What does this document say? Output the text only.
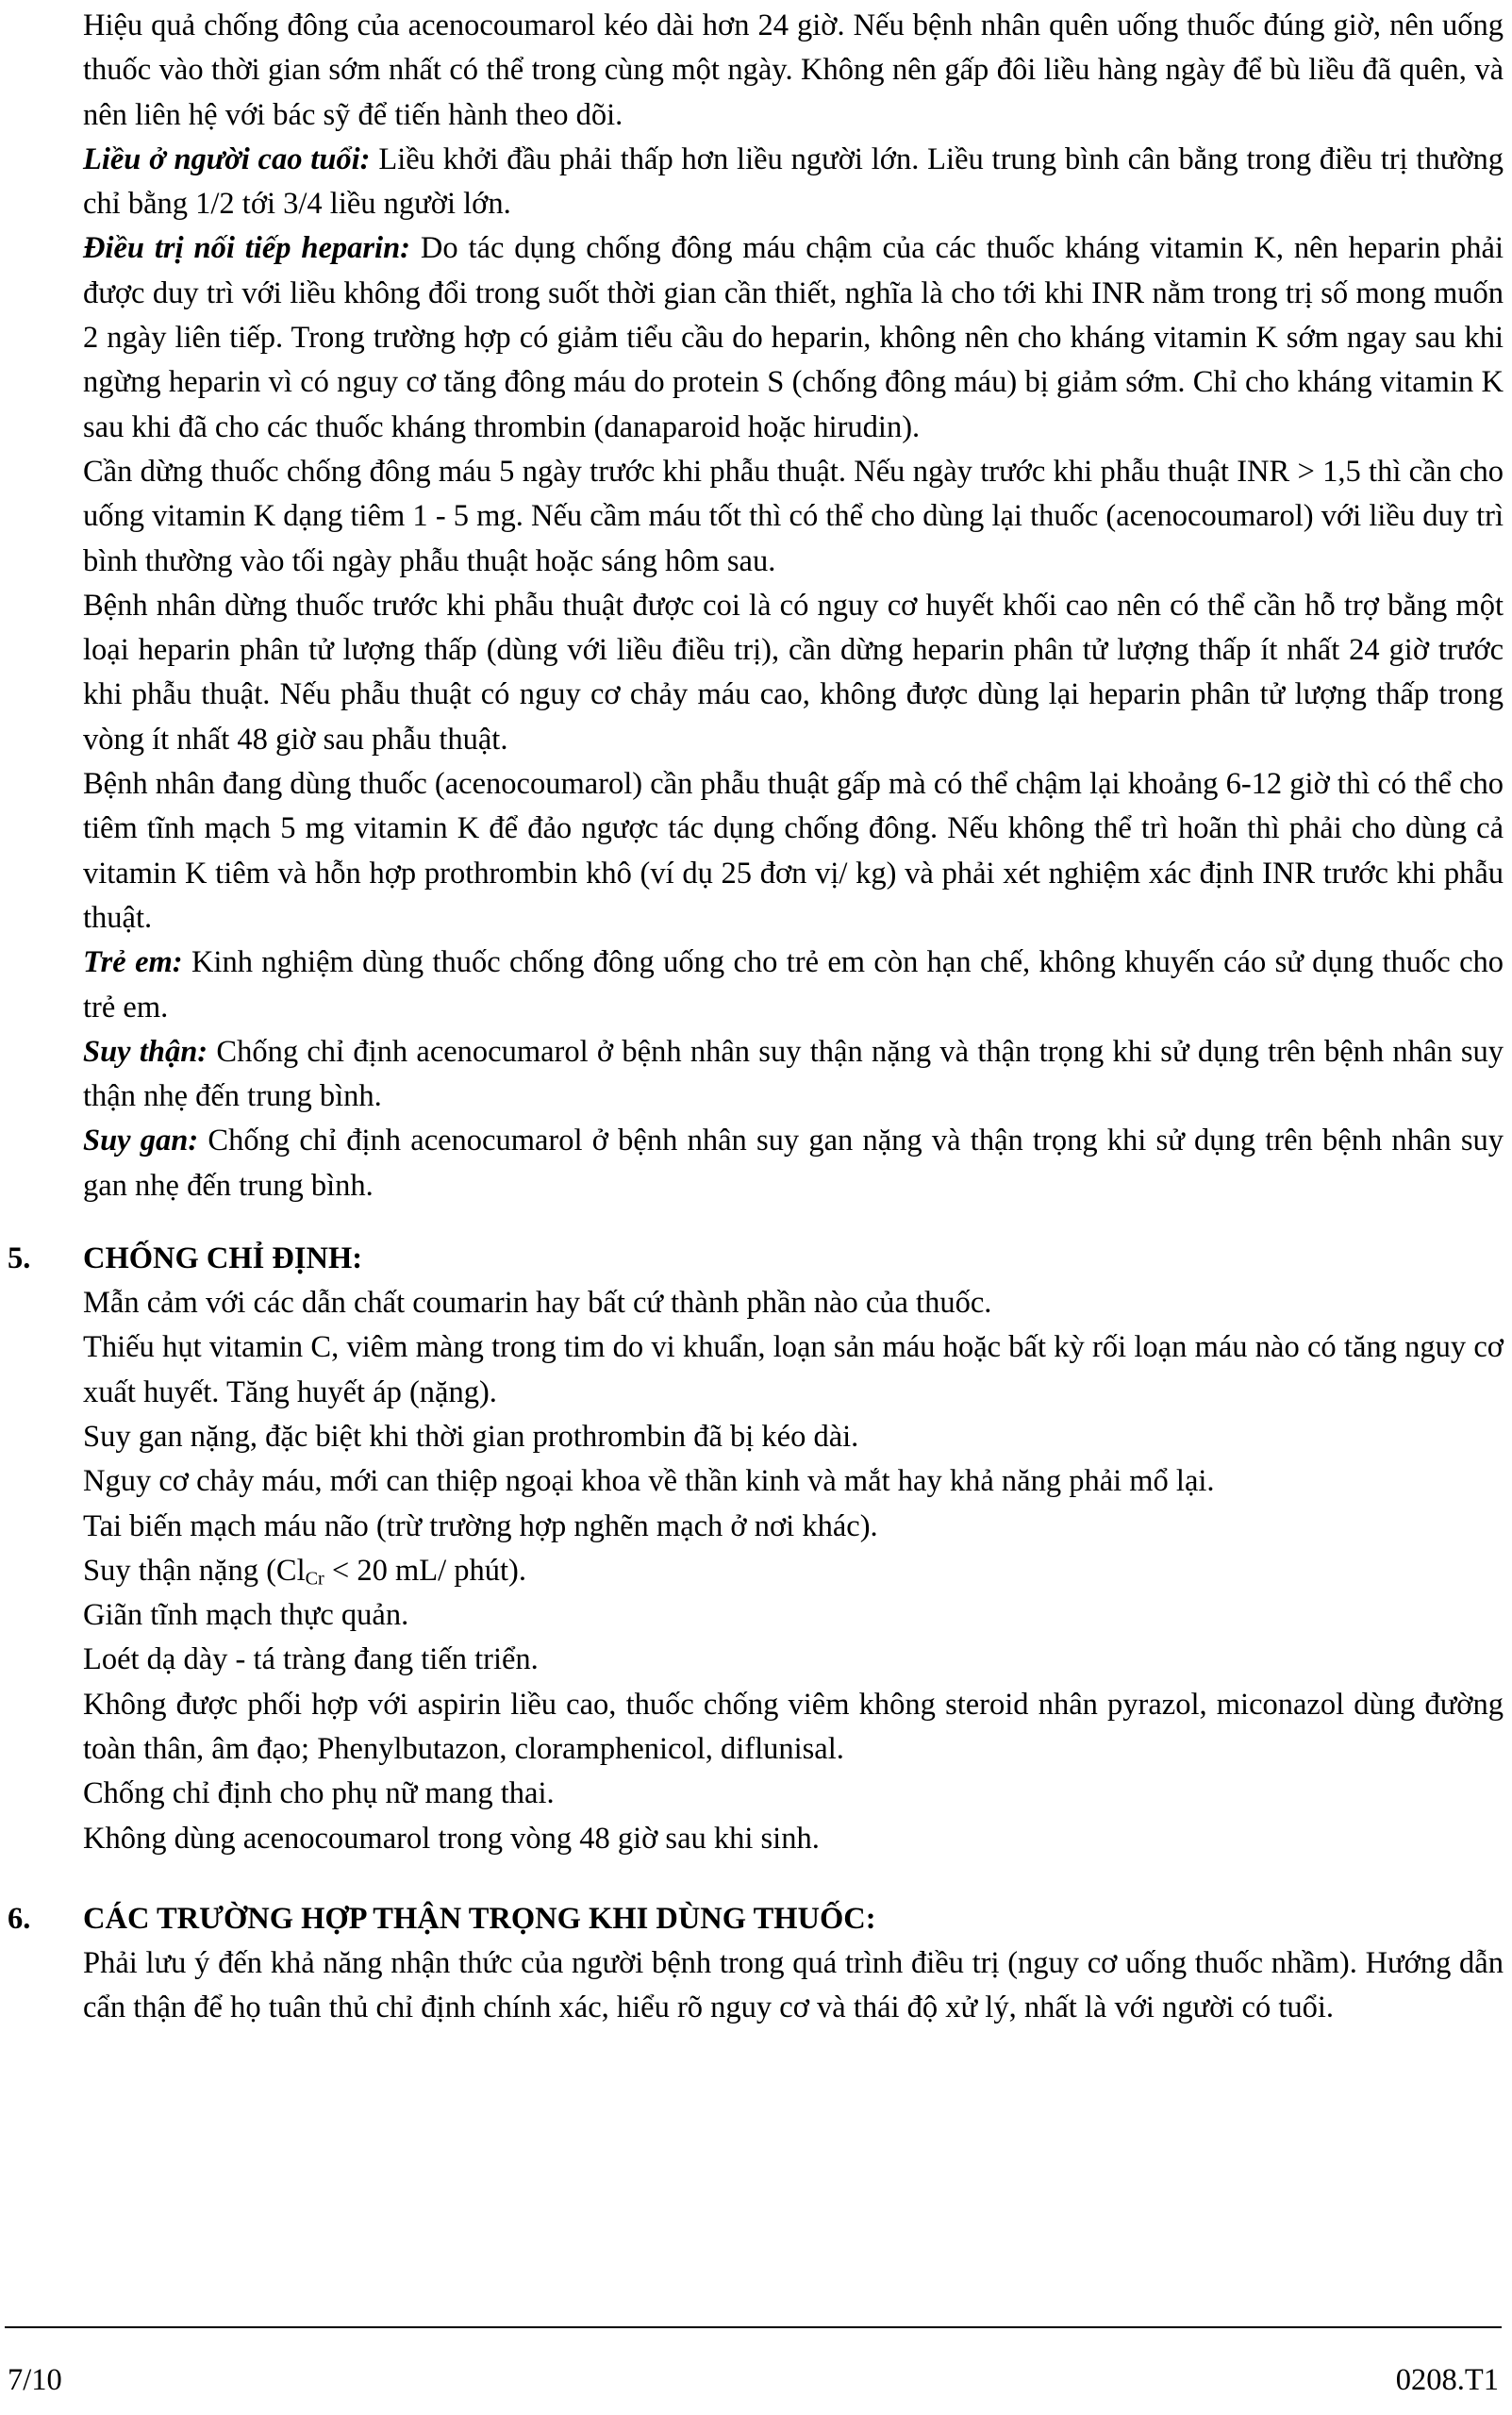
Hiệu quả chống đông của acenocoumarol kéo dài hơn 24 giờ. Nếu bệnh nhân quên uống thuốc đúng giờ, nên uống thuốc vào thời gian sớm nhất có thể trong cùng một ngày. Không nên gấp đôi liều hàng ngày để bù liều đã quên, và nên liên hệ với bác sỹ để tiến hành theo dõi.

Liều ở người cao tuổi: Liều khởi đầu phải thấp hơn liều người lớn. Liều trung bình cân bằng trong điều trị thường chỉ bằng 1/2 tới 3/4 liều người lớn.

Điều trị nối tiếp heparin: Do tác dụng chống đông máu chậm của các thuốc kháng vitamin K, nên heparin phải được duy trì với liều không đổi trong suốt thời gian cần thiết, nghĩa là cho tới khi INR nằm trong trị số mong muốn 2 ngày liên tiếp. Trong trường hợp có giảm tiểu cầu do heparin, không nên cho kháng vitamin K sớm ngay sau khi ngừng heparin vì có nguy cơ tăng đông máu do protein S (chống đông máu) bị giảm sớm. Chỉ cho kháng vitamin K sau khi đã cho các thuốc kháng thrombin (danaparoid hoặc hirudin).

Cần dừng thuốc chống đông máu 5 ngày trước khi phẫu thuật. Nếu ngày trước khi phẫu thuật INR > 1,5 thì cần cho uống vitamin K dạng tiêm 1 - 5 mg. Nếu cầm máu tốt thì có thể cho dùng lại thuốc (acenocoumarol) với liều duy trì bình thường vào tối ngày phẫu thuật hoặc sáng hôm sau.

Bệnh nhân dừng thuốc trước khi phẫu thuật được coi là có nguy cơ huyết khối cao nên có thể cần hỗ trợ bằng một loại heparin phân tử lượng thấp (dùng với liều điều trị), cần dừng heparin phân tử lượng thấp ít nhất 24 giờ trước khi phẫu thuật. Nếu phẫu thuật có nguy cơ chảy máu cao, không được dùng lại heparin phân tử lượng thấp trong vòng ít nhất 48 giờ sau phẫu thuật.

Bệnh nhân đang dùng thuốc (acenocoumarol) cần phẫu thuật gấp mà có thể chậm lại khoảng 6-12 giờ thì có thể cho tiêm tĩnh mạch 5 mg vitamin K để đảo ngược tác dụng chống đông. Nếu không thể trì hoãn thì phải cho dùng cả vitamin K tiêm và hỗn hợp prothrombin khô (ví dụ 25 đơn vị/ kg) và phải xét nghiệm xác định INR trước khi phẫu thuật.

Trẻ em: Kinh nghiệm dùng thuốc chống đông uống cho trẻ em còn hạn chế, không khuyến cáo sử dụng thuốc cho trẻ em.

Suy thận: Chống chỉ định acenocumarol ở bệnh nhân suy thận nặng và thận trọng khi sử dụng trên bệnh nhân suy thận nhẹ đến trung bình.

Suy gan: Chống chỉ định acenocumarol ở bệnh nhân suy gan nặng và thận trọng khi sử dụng trên bệnh nhân suy gan nhẹ đến trung bình.

5. CHỐNG CHỈ ĐỊNH:

Mẫn cảm với các dẫn chất coumarin hay bất cứ thành phần nào của thuốc.

Thiếu hụt vitamin C, viêm màng trong tim do vi khuẩn, loạn sản máu hoặc bất kỳ rối loạn máu nào có tăng nguy cơ xuất huyết. Tăng huyết áp (nặng).

Suy gan nặng, đặc biệt khi thời gian prothrombin đã bị kéo dài.

Nguy cơ chảy máu, mới can thiệp ngoại khoa về thần kinh và mắt hay khả năng phải mổ lại.

Tai biến mạch máu não (trừ trường hợp nghẽn mạch ở nơi khác).

Suy thận nặng ($Cl_{Cr} < 20$ mL/ phút).

Giãn tĩnh mạch thực quản.

Loét dạ dày - tá tràng đang tiến triển.

Không được phối hợp với aspirin liều cao, thuốc chống viêm không steroid nhân pyrazol, miconazol dùng đường toàn thân, âm đạo; Phenylbutazon, cloramphenicol, diflunisal.

Chống chỉ định cho phụ nữ mang thai.

Không dùng acenocoumarol trong vòng 48 giờ sau khi sinh.

6. CÁC TRƯỜNG HỢP THẬN TRỌNG KHI DÙNG THUỐC:

Phải lưu ý đến khả năng nhận thức của người bệnh trong quá trình điều trị (nguy cơ uống thuốc nhầm). Hướng dẫn cẩn thận để họ tuân thủ chỉ định chính xác, hiểu rõ nguy cơ và thái độ xử lý, nhất là với người có tuổi.

7/10	0208.T1
